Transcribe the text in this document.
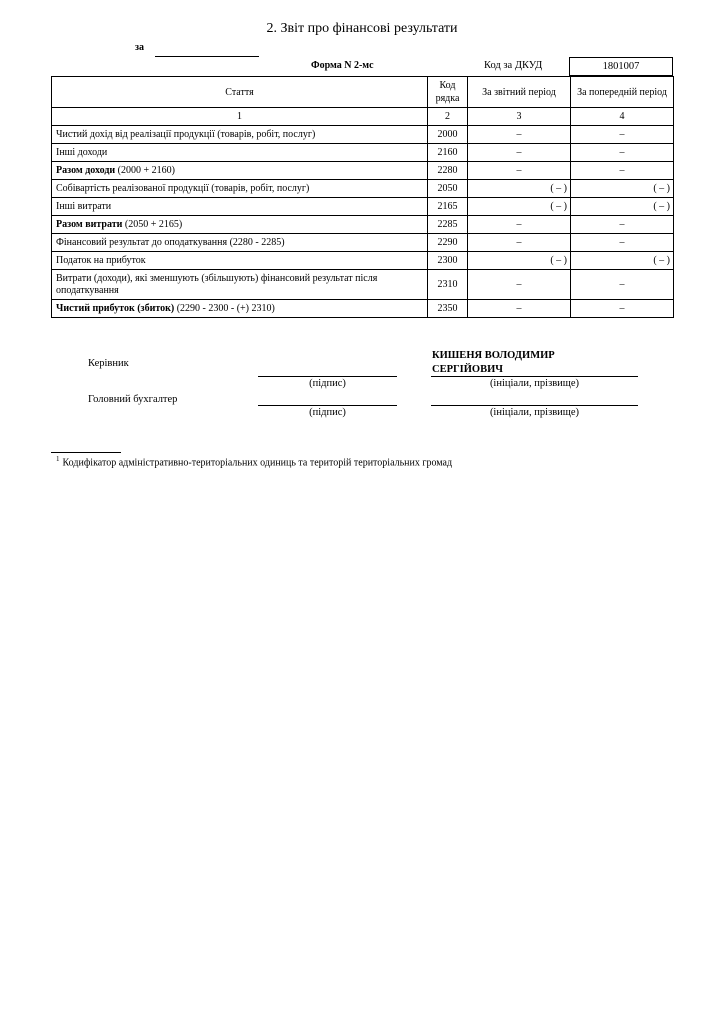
2. Звіт про фінансові результати
за
Форма N 2-мс	Код за ДКУД	1801007
Стаття	Код рядка	За звітний період	За попередній період
1	2	3	4
Чистий дохід від реалізації продукції (товарів, робіт, послуг)	2000	–	–
Інші доходи	2160	–	–
Разом доходи (2000 + 2160)	2280	–	–
Собівартість реалізованої продукції (товарів, робіт, послуг)	2050	( – )	( – )
Інші витрати	2165	( – )	( – )
Разом витрати (2050 + 2165)	2285	–	–
Фінансовий результат до оподаткування (2280 - 2285)	2290	–	–
Податок на прибуток	2300	( – )	( – )
Витрати (доходи), які зменшують (збільшують) фінансовий результат після оподаткування	2310	–	–
Чистий прибуток (збиток) (2290 - 2300 - (+) 2310)	2350	–	–
Керівник
КИШЕНЯ ВОЛОДИМИР СЕРГІЙОВИЧ
(підпис)	(ініціали, прізвище)
Головний бухгалтер
(підпис)	(ініціали, прізвище)
$^1$ Кодифікатор адміністративно-територіальних одиниць та територій територіальних громад
